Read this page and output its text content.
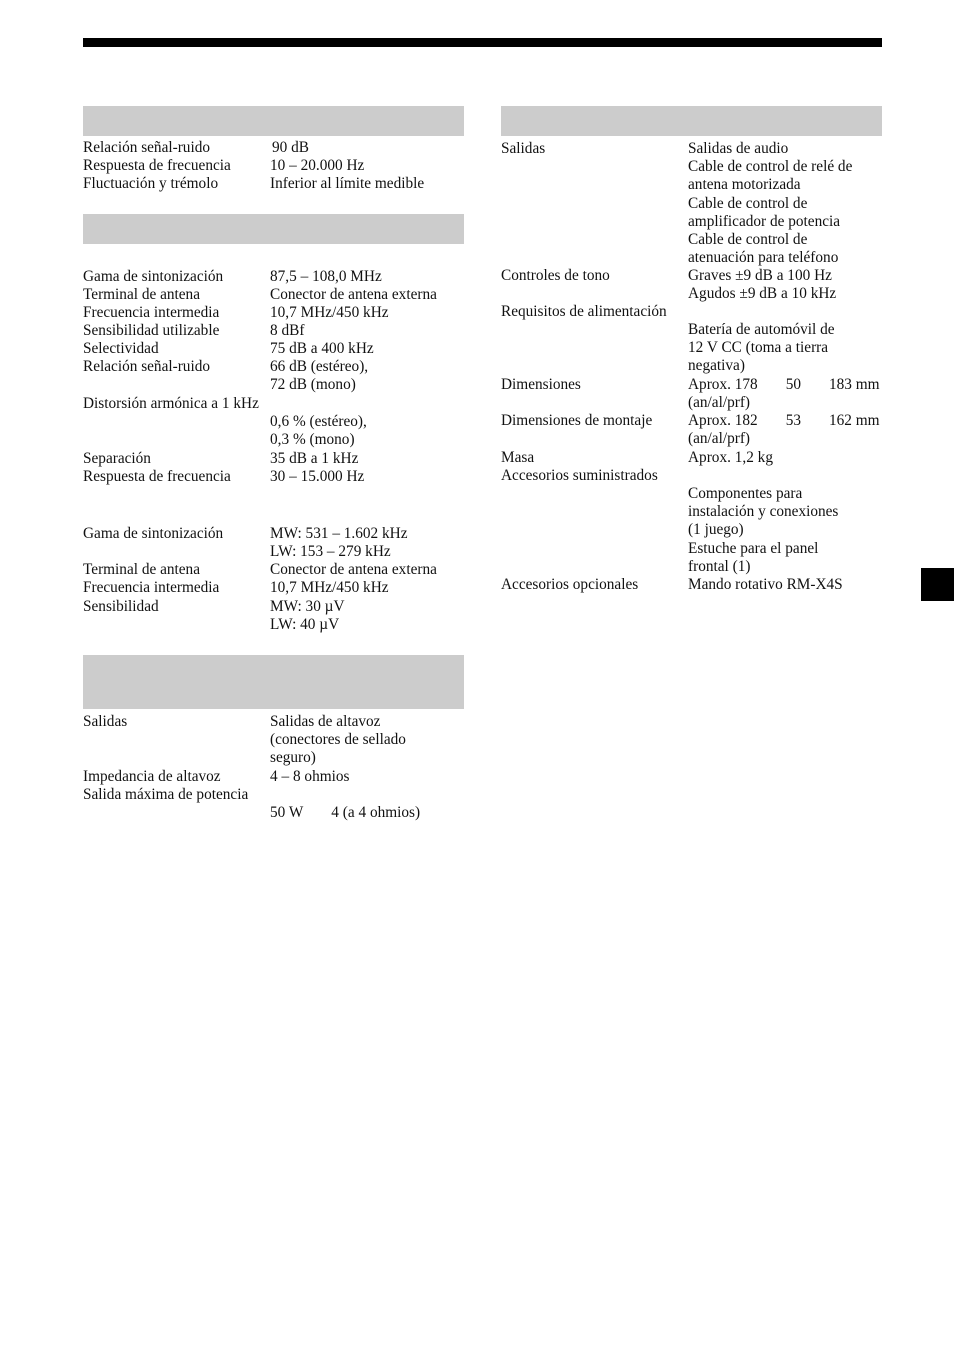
Relación señal-ruido	90 dB
Respuesta de frecuencia	10 – 20.000 Hz
Fluctuación y trémolo	Inferior al límite medible
Gama de sintonización	87,5 – 108,0 MHz
Terminal de antena	Conector de antena externa
Frecuencia intermedia	10,7 MHz/450 kHz
Sensibilidad utilizable	8 dBf
Selectividad	75 dB a 400 kHz
Relación señal-ruido	66 dB (estéreo),
72 dB (mono)
Distorsión armónica a 1 kHz
0,6 % (estéreo),
0,3 % (mono)
Separación	35 dB a 1 kHz
Respuesta de frecuencia	30 – 15.000 Hz
Gama de sintonización	MW: 531 – 1.602 kHz
LW: 153 – 279 kHz
Terminal de antena	Conector de antena externa
Frecuencia intermedia	10,7 MHz/450 kHz
Sensibilidad	MW: 30 µV
LW: 40 µV
Salidas	Salidas de altavoz
(conectores de sellado
seguro)
Impedancia de altavoz	4 – 8 ohmios
Salida máxima de potencia
50 W 4 (a 4 ohmios)
Salidas	Salidas de audio
Cable de control de relé de
antena motorizada
Cable de control de
amplificador de potencia
Cable de control de
atenuación para teléfono
Controles de tono	Graves ±9 dB a 100 Hz
Agudos ±9 dB a 10 kHz
Requisitos de alimentación
Batería de automóvil de
12 V CC (toma a tierra
negativa)
Dimensiones	Aprox. 178 50 183 mm
(an/al/prf)
Dimensiones de montaje Aprox. 182 53 162 mm
(an/al/prf)
Masa	Aprox. 1,2 kg
Accesorios suministrados
Componentes para
instalación y conexiones
(1 juego)
Estuche para el panel
frontal (1)
Accesorios opcionales	Mando rotativo RM-X4S
